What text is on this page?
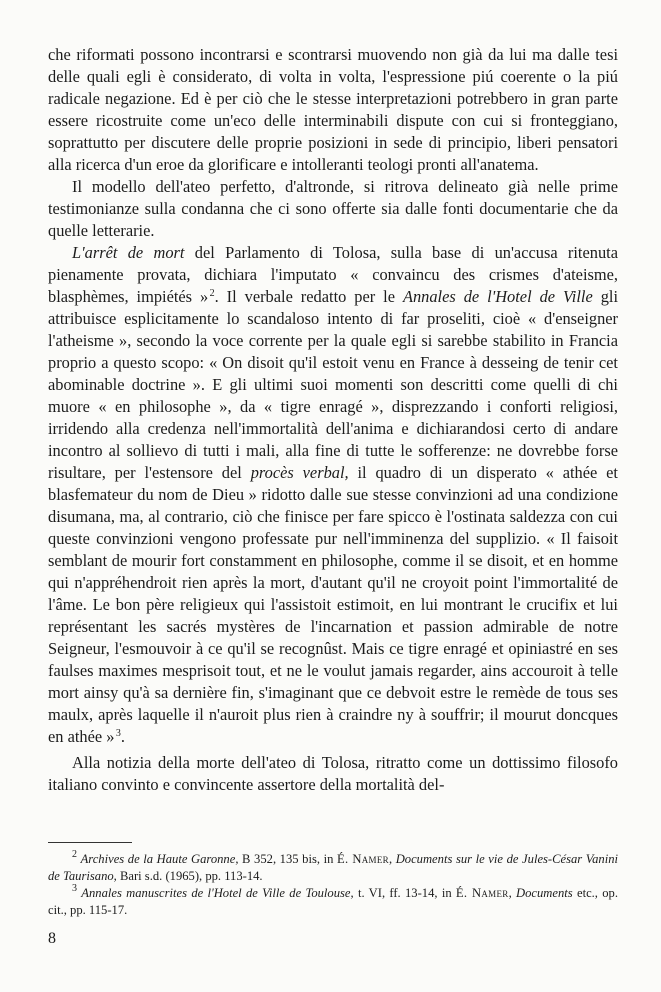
che riformati possono incontrarsi e scontrarsi muovendo non già da lui ma dalle tesi delle quali egli è considerato, di volta in volta, l'espressione piú coerente o la piú radicale negazione. Ed è per ciò che le stesse interpretazioni potrebbero in gran parte essere ricostruite come un'eco delle interminabili dispute con cui si fronteggiano, soprattutto per discutere delle proprie posizioni in sede di principio, liberi pensatori alla ricerca d'un eroe da glorificare e intolleranti teologi pronti all'anatema.

Il modello dell'ateo perfetto, d'altronde, si ritrova delineato già nelle prime testimonianze sulla condanna che ci sono offerte sia dalle fonti documentarie che da quelle letterarie.

L'arrêt de mort del Parlamento di Tolosa, sulla base di un'accusa ritenuta pienamente provata, dichiara l'imputato « convaincu des crismes d'ateisme, blasphèmes, impiétés » $^2$. Il verbale redatto per le Annales de l'Hotel de Ville gli attribuisce esplicitamente lo scandaloso intento di far proseliti, cioè « d'enseigner l'atheisme », secondo la voce corrente per la quale egli si sarebbe stabilito in Francia proprio a questo scopo: « On disoit qu'il estoit venu en France à desseing de tenir cet abominable doctrine ». E gli ultimi suoi momenti son descritti come quelli di chi muore « en philosophe », da « tigre enragé », disprezzando i conforti religiosi, irridendo alla credenza nell'immortalità dell'anima e dichiarandosi certo di andare incontro al sollievo di tutti i mali, alla fine di tutte le sofferenze: ne dovrebbe forse risultare, per l'estensore del procès verbal, il quadro di un disperato « athée et blasfemateur du nom de Dieu » ridotto dalle sue stesse convinzioni ad una condizione disumana, ma, al contrario, ciò che finisce per fare spicco è l'ostinata saldezza con cui queste convinzioni vengono professate pur nell'imminenza del supplizio. « Il faisoit semblant de mourir fort constamment en philosophe, comme il se disoit, et en homme qui n'appréhendroit rien après la mort, d'autant qu'il ne croyoit point l'immortalité de l'âme. Le bon père religieux qui l'assistoit estimoit, en lui montrant le crucifix et lui représentant les sacrés mystères de l'incarnation et passion admirable de notre Seigneur, l'esmouvoir à ce qu'il se recognûst. Mais ce tigre enragé et opiniastré en ses faulses maximes mesprisoit tout, et ne le voulut jamais regarder, ains accouroit à telle mort ainsy qu'à sa dernière fin, s'imaginant que ce debvoit estre le remède de tous ses maulx, après laquelle il n'auroit plus rien à craindre ny à souffrir; il mourut doncques en athée » $^3$.

Alla notizia della morte dell'ateo di Tolosa, ritratto come un dottissimo filosofo italiano convinto e convincente assertore della mortalità del-

$^2$ Archives de la Haute Garonne, B 352, 135 bis, in É. Namer, Documents sur le vie de Jules-César Vanini de Taurisano, Bari s.d. (1965), pp. 113-14.

$^3$ Annales manuscrites de l'Hotel de Ville de Toulouse, t. VI, ff. 13-14, in É. Namer, Documents etc., op. cit., pp. 115-17.

8
